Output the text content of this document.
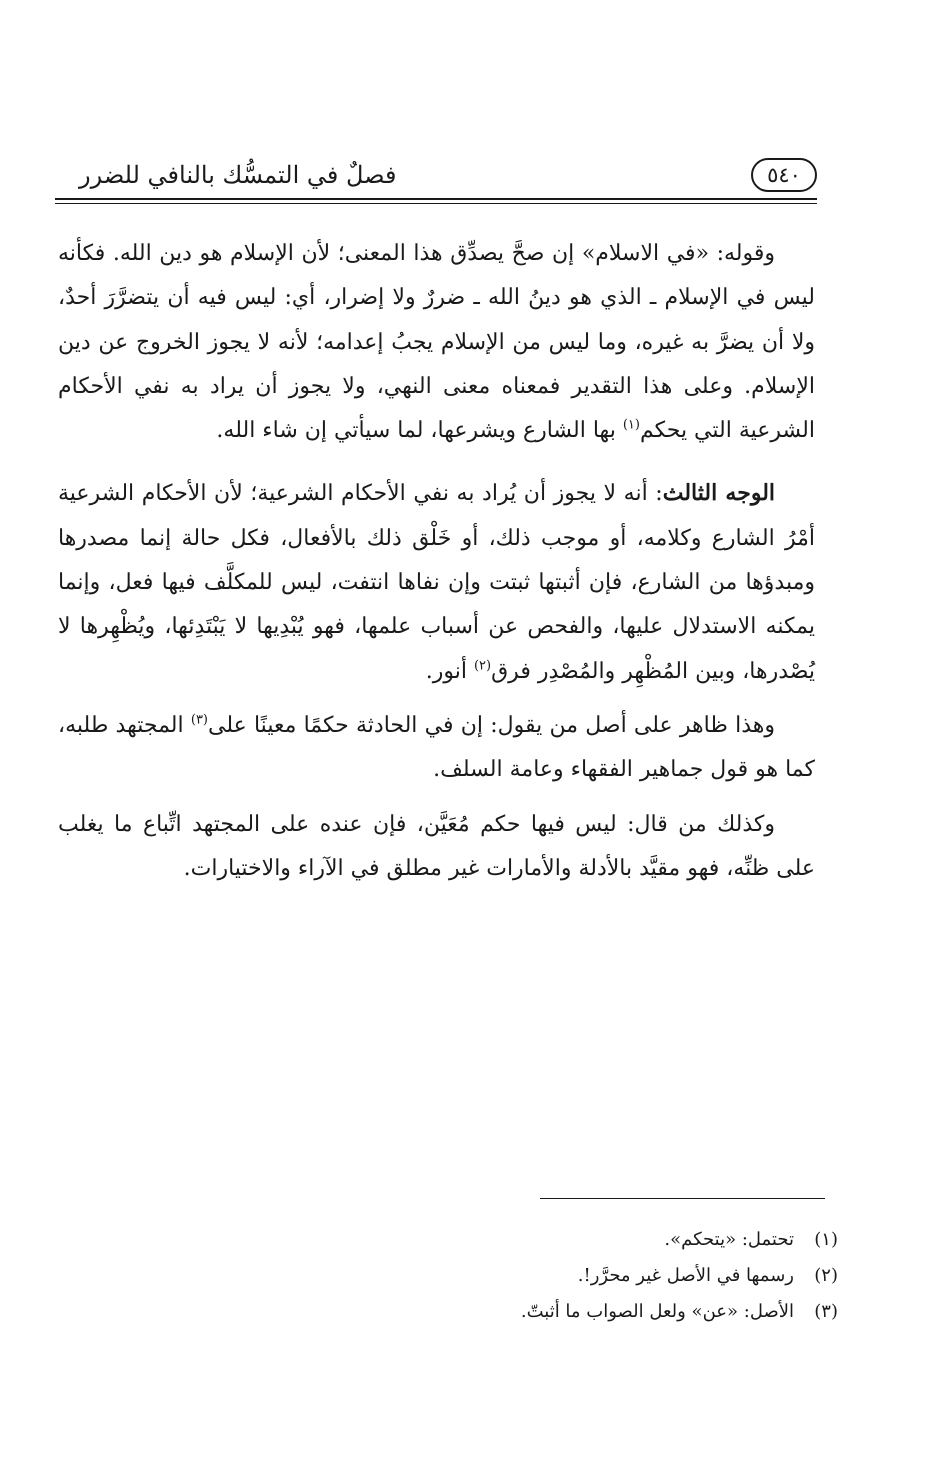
٥٤٠
فصلٌ في التمسُّك بالنافي للضرر

وقوله: «في الاسلام» إن صحَّ يصدِّق هذا المعنى؛ لأن الإسلام هو دين الله. فكأنه ليس في الإسلام ـ الذي هو دينُ الله ـ ضررٌ ولا إضرار، أي: ليس فيه أن يتضرَّرَ أحدٌ، ولا أن يضرَّ به غيره، وما ليس من الإسلام يجبُ إعدامه؛ لأنه لا يجوز الخروج عن دين الإسلام. وعلى هذا التقدير فمعناه معنى النهي، ولا يجوز أن يراد به نفي الأحكام الشرعية التي يحكم$^{(١)}$ بها الشارع ويشرعها، لما سيأتي إن شاء الله.

الوجه الثالث: أنه لا يجوز أن يُراد به نفي الأحكام الشرعية؛ لأن الأحكام الشرعية أمْرُ الشارع وكلامه، أو موجب ذلك، أو خَلْق ذلك بالأفعال، فكل حالة إنما مصدرها ومبدؤها من الشارع، فإن أثبتها ثبتت وإن نفاها انتفت، ليس للمكلَّف فيها فعل، وإنما يمكنه الاستدلال عليها، والفحص عن أسباب علمها، فهو يُبْدِيها لا يَبْتَدِئها، ويُظْهِرها لا يُصْدرها، وبين المُظْهِر والمُصْدِر فرق$^{(٢)}$ أنور.

وهذا ظاهر على أصل من يقول: إن في الحادثة حكمًا معينًا على$^{(٣)}$ المجتهد طلبه، كما هو قول جماهير الفقهاء وعامة السلف.

وكذلك من قال: ليس فيها حكم مُعَيَّن، فإن عنده على المجتهد اتِّباع ما يغلب على ظنِّه، فهو مقيَّد بالأدلة والأمارات غير مطلق في الآراء والاختيارات.

(١)تحتمل: «يتحكم».
(٢)رسمها في الأصل غير محرَّر!.
(٣)الأصل: «عن» ولعل الصواب ما أثبتّ.
